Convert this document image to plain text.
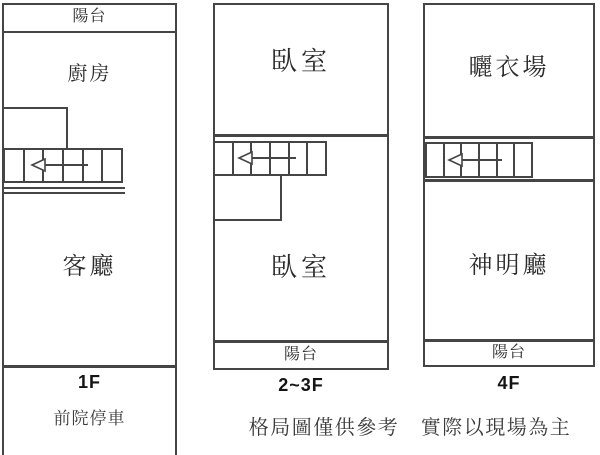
陽台
廚房
客廳
1F
前院停車
臥室
臥室
陽台
2~3F
曬衣場
神明廳
陽台
4F
格局圖僅供參考　實際以現場為主
